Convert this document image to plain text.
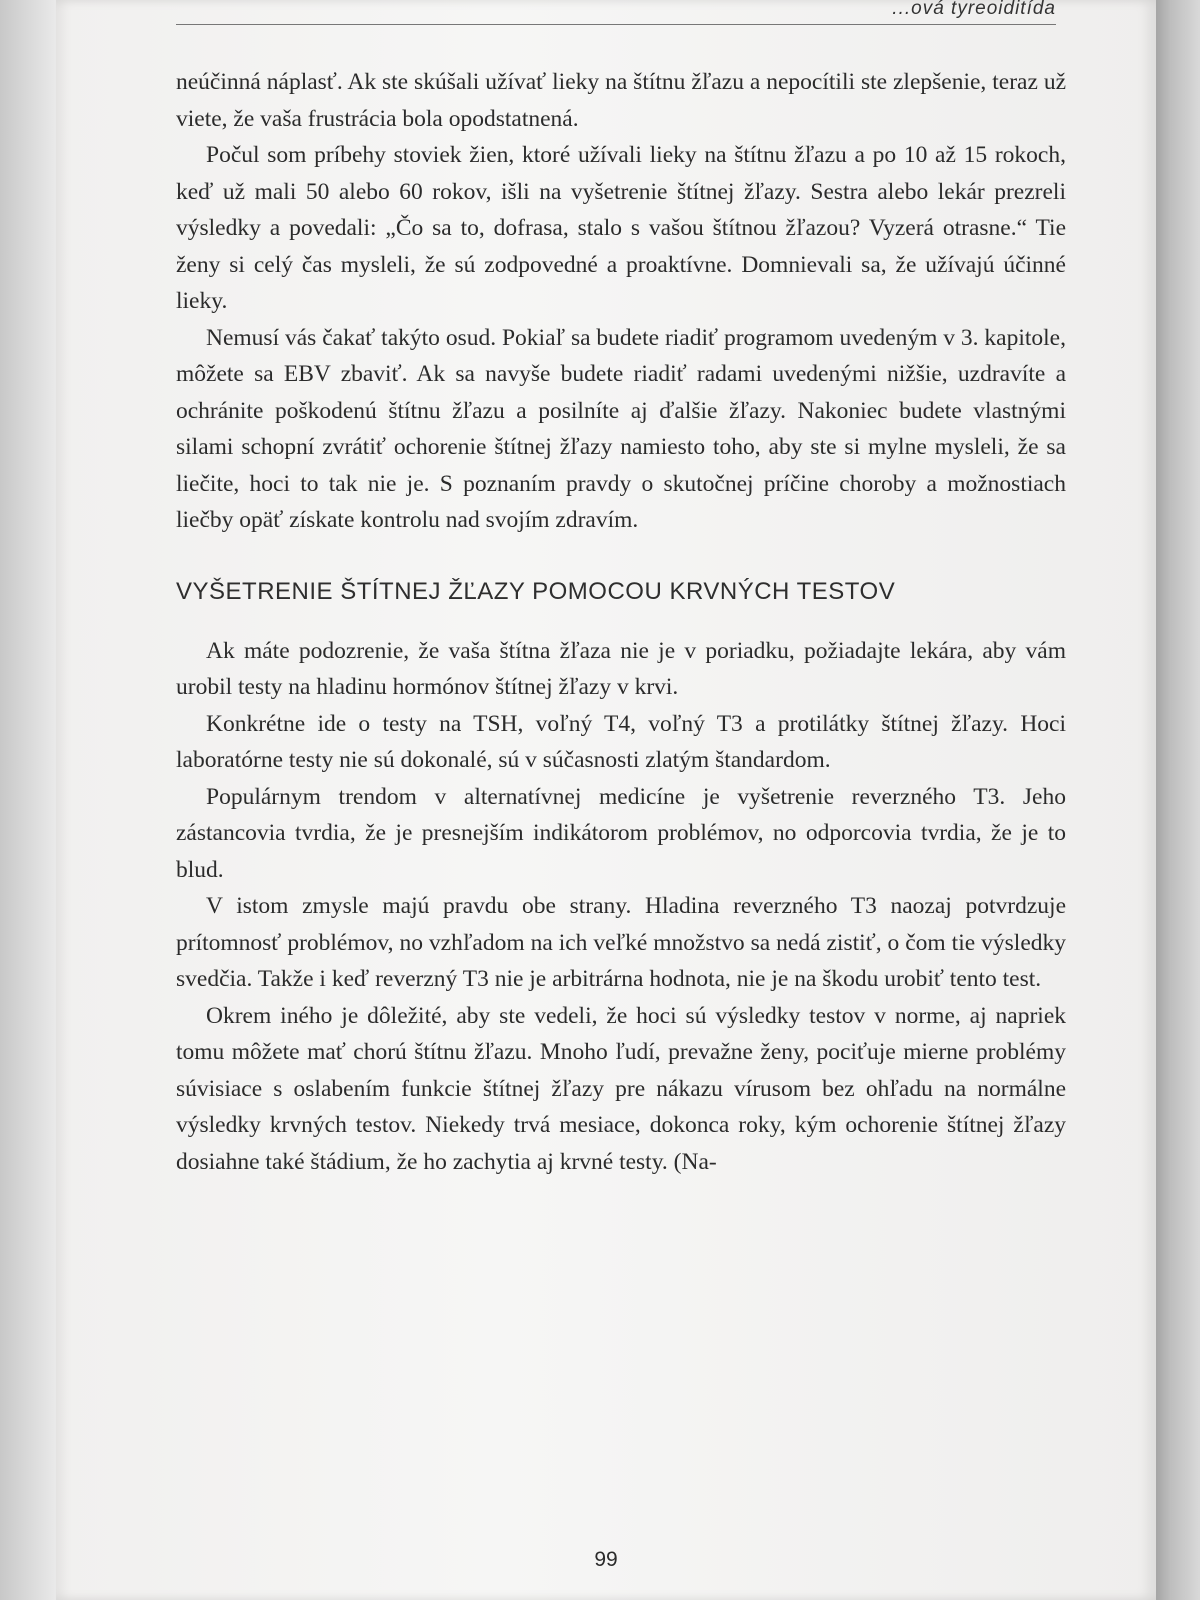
...ová tyreoiditída

neúčinná náplasť. Ak ste skúšali užívať lieky na štítnu žľazu a nepocítili ste zlepšenie, teraz už viete, že vaša frustrácia bola opodstatnená.

Počul som príbehy stoviek žien, ktoré užívali lieky na štítnu žľazu a po 10 až 15 rokoch, keď už mali 50 alebo 60 rokov, išli na vyšetrenie štítnej žľazy. Sestra alebo lekár prezreli výsledky a povedali: „Čo sa to, dofrasa, stalo s vašou štítnou žľazou? Vyzerá otrasne.“ Tie ženy si celý čas mysleli, že sú zodpovedné a proaktívne. Domnievali sa, že užívajú účinné lieky.

Nemusí vás čakať takýto osud. Pokiaľ sa budete riadiť programom uvedeným v 3. kapitole, môžete sa EBV zbaviť. Ak sa navyše budete riadiť radami uvedenými nižšie, uzdravíte a ochránite poškodenú štítnu žľazu a posilníte aj ďalšie žľazy. Nakoniec budete vlastnými silami schopní zvrátiť ochorenie štítnej žľazy namiesto toho, aby ste si mylne mysleli, že sa liečite, hoci to tak nie je. S poznaním pravdy o skutočnej príčine choroby a možnostiach liečby opäť získate kontrolu nad svojím zdravím.

VYŠETRENIE ŠTÍTNEJ ŽĽAZY POMOCOU KRVNÝCH TESTOV

Ak máte podozrenie, že vaša štítna žľaza nie je v poriadku, požiadajte lekára, aby vám urobil testy na hladinu hormónov štítnej žľazy v krvi.

Konkrétne ide o testy na TSH, voľný T4, voľný T3 a protilátky štítnej žľazy. Hoci laboratórne testy nie sú dokonalé, sú v súčasnosti zlatým štandardom.

Populárnym trendom v alternatívnej medicíne je vyšetrenie reverzného T3. Jeho zástancovia tvrdia, že je presnejším indikátorom problémov, no odporcovia tvrdia, že je to blud.

V istom zmysle majú pravdu obe strany. Hladina reverzného T3 naozaj potvrdzuje prítomnosť problémov, no vzhľadom na ich veľké množstvo sa nedá zistiť, o čom tie výsledky svedčia. Takže i keď reverzný T3 nie je arbitrárna hodnota, nie je na škodu urobiť tento test.

Okrem iného je dôležité, aby ste vedeli, že hoci sú výsledky testov v norme, aj napriek tomu môžete mať chorú štítnu žľazu. Mnoho ľudí, prevažne ženy, pociťuje mierne problémy súvisiace s oslabením funkcie štítnej žľazy pre nákazu vírusom bez ohľadu na normálne výsledky krvných testov. Niekedy trvá mesiace, dokonca roky, kým ochorenie štítnej žľazy dosiahne také štádium, že ho zachytia aj krvné testy. (Na-

99
